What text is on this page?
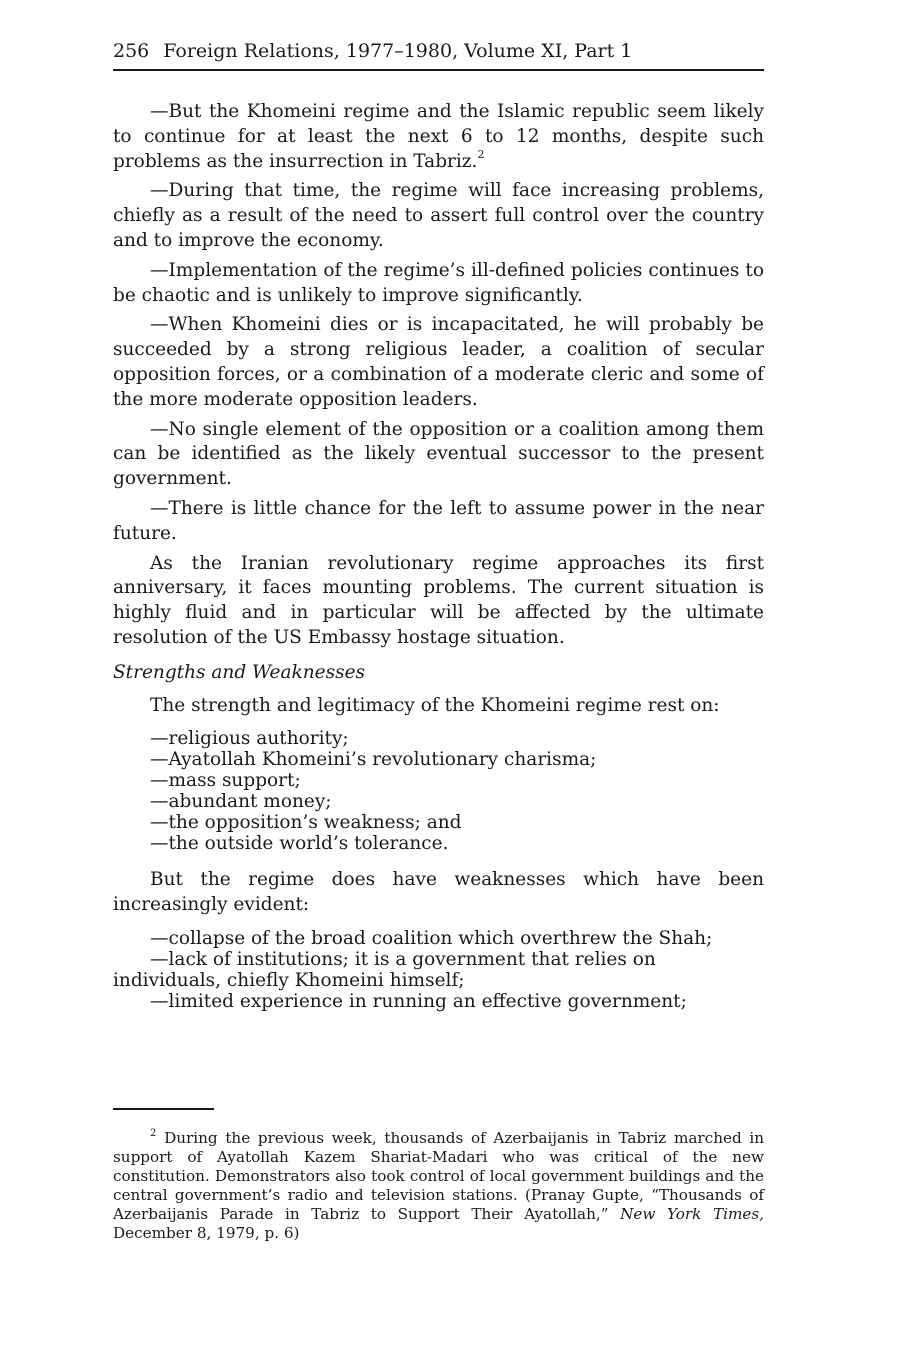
256 Foreign Relations, 1977–1980, Volume XI, Part 1

—But the Khomeini regime and the Islamic republic seem likely to continue for at least the next 6 to 12 months, despite such problems as the insurrection in Tabriz.$^2$

—During that time, the regime will face increasing problems, chiefly as a result of the need to assert full control over the country and to improve the economy.

—Implementation of the regime’s ill-defined policies continues to be chaotic and is unlikely to improve significantly.

—When Khomeini dies or is incapacitated, he will probably be succeeded by a strong religious leader, a coalition of secular opposition forces, or a combination of a moderate cleric and some of the more moderate opposition leaders.

—No single element of the opposition or a coalition among them can be identified as the likely eventual successor to the present government.

—There is little chance for the left to assume power in the near future.

As the Iranian revolutionary regime approaches its first anniversary, it faces mounting problems. The current situation is highly fluid and in particular will be affected by the ultimate resolution of the US Embassy hostage situation.

Strengths and Weaknesses

The strength and legitimacy of the Khomeini regime rest on:

—religious authority;
—Ayatollah Khomeini’s revolutionary charisma;
—mass support;
—abundant money;
—the opposition’s weakness; and
—the outside world’s tolerance.

But the regime does have weaknesses which have been increasingly evident:

—collapse of the broad coalition which overthrew the Shah;
—lack of institutions; it is a government that relies on individuals, chiefly Khomeini himself;
—limited experience in running an effective government;
$^2$ During the previous week, thousands of Azerbaijanis in Tabriz marched in support of Ayatollah Kazem Shariat-Madari who was critical of the new constitution. Demonstrators also took control of local government buildings and the central government’s radio and television stations. (Pranay Gupte, “Thousands of Azerbaijanis Parade in Tabriz to Support Their Ayatollah,” New York Times, December 8, 1979, p. 6)
